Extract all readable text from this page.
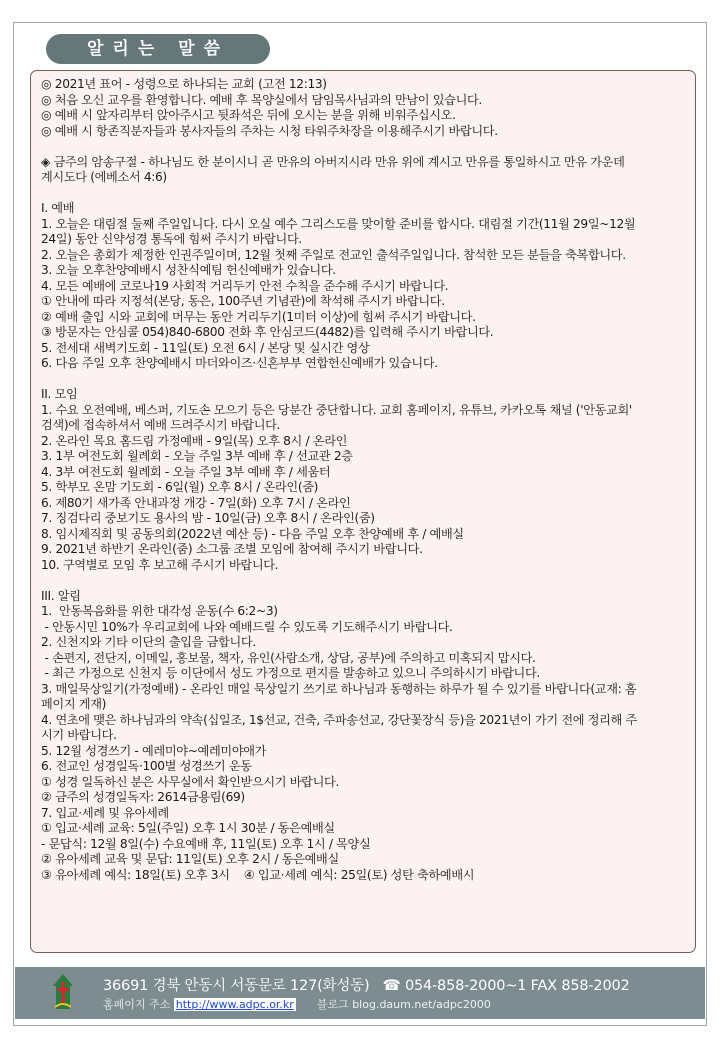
알리는 말씀
◎ 2021년 표어 - 성령으로 하나되는 교회 (고전 12:13)
◎ 처음 오신 교우를 환영합니다. 예배 후 목양실에서 담임목사님과의 만남이 있습니다.
◎ 예배 시 앞자리부터 앉아주시고 뒷좌석은 뒤에 오시는 분을 위해 비워주십시오.
◎ 예배 시 항존직분자들과 봉사자들의 주차는 시청 타워주차장을 이용해주시기 바랍니다.
◈ 금주의 암송구절 - 하나님도 한 분이시니 곧 만유의 아버지시라 만유 위에 계시고 만유를 통일하시고 만유 가운데
계시도다 (에베소서 4:6)
I. 예배
1. 오늘은 대림절 둘째 주일입니다. 다시 오실 예수 그리스도를 맞이할 준비를 합시다. 대림절 기간(11월 29일~12월
24일) 동안 신약성경 통독에 힘써 주시기 바랍니다.
2. 오늘은 총회가 제정한 인권주일이며, 12월 첫째 주일로 전교인 출석주일입니다. 참석한 모든 분들을 축복합니다.
3. 오늘 오후찬양예배시 성찬식예팀 헌신예배가 있습니다.
4. 모든 예배에 코로나19 사회적 거리두기 안전 수칙을 준수해 주시기 바랍니다.
① 안내에 따라 지정석(본당, 동은, 100주년 기념관)에 착석해 주시기 바랍니다.
② 예배 출입 시와 교회에 머무는 동안 거리두기(1미터 이상)에 힘써 주시기 바랍니다.
③ 방문자는 안심콜 054)840-6800 전화 후 안심코드(4482)를 입력해 주시기 바랍니다.
5. 전세대 새벽기도회 - 11일(토) 오전 6시 / 본당 및 실시간 영상
6. 다음 주일 오후 찬양예배시 마더와이즈·신혼부부 연합헌신예배가 있습니다.
II. 모임
1. 수요 오전예배, 베스퍼, 기도손 모으기 등은 당분간 중단합니다. 교회 홈페이지, 유튜브, 카카오톡 채널 ('안동교회'
검색)에 접속하셔서 예배 드려주시기 바랍니다.
2. 온라인 목요 홈드림 가정예배 - 9일(목) 오후 8시 / 온라인
3. 1부 여전도회 월례회 - 오늘 주일 3부 예배 후 / 선교관 2층
4. 3부 여전도회 월례회 - 오늘 주일 3부 예배 후 / 세움터
5. 학부모 온맘 기도회 - 6일(월) 오후 8시 / 온라인(줌)
6. 제80기 새가족 안내과정 개강 - 7일(화) 오후 7시 / 온라인
7. 징검다리 중보기도 용사의 밤 - 10일(금) 오후 8시 / 온라인(줌)
8. 임시제직회 및 공동의회(2022년 예산 등) - 다음 주일 오후 찬양예배 후 / 예배실
9. 2021년 하반기 온라인(줌) 소그룹 조별 모임에 참여해 주시기 바랍니다.
10. 구역별로 모임 후 보고해 주시기 바랍니다.
III. 알림
1.  안동복음화를 위한 대각성 운동(수 6:2~3)
- 안동시민 10%가 우리교회에 나와 예배드릴 수 있도록 기도해주시기 바랍니다.
2. 신천지와 기타 이단의 출입을 금합니다.
- 손편지, 전단지, 이메일, 홍보물, 책자, 유인(사람소개, 상담, 공부)에 주의하고 미혹되지 맙시다.
- 최근 가정으로 신천지 등 이단에서 성도 가정으로 편지를 발송하고 있으니 주의하시기 바랍니다.
3. 매일묵상일기(가정예배) - 온라인 매일 묵상일기 쓰기로 하나님과 동행하는 하루가 될 수 있기를 바랍니다(교재: 홈
페이지 게재)
4. 연초에 맺은 하나님과의 약속(십일조, 1$선교, 건축, 주파송선교, 강단꽃장식 등)을 2021년이 가기 전에 정리해 주
시기 바랍니다.
5. 12월 성경쓰기 - 예레미야~예레미야애가
6. 전교인 성경일독·100별 성경쓰기 운동
① 성경 일독하신 분은 사무실에서 확인받으시기 바랍니다.
② 금주의 성경일독자: 2614금용림(69)
7. 입교·세례 및 유아세례
① 입교·세례 교육: 5일(주일) 오후 1시 30분 / 동은예배실
- 문답식: 12월 8일(수) 수요예배 후, 11일(토) 오후 1시 / 목양실
② 유아세례 교육 및 문답: 11일(토) 오후 2시 / 동은예배실
③ 유아세례 예식: 18일(토) 오후 3시    ④ 입교·세례 예식: 25일(토) 성탄 축하예배시
36691 경북 안동시 서동문로 127(화성동) ☎ 054-858-2000~1 FAX 858-2002
홈페이지 주소 http://www.adpc.or.kr 블로그 blog.daum.net/adpc2000
